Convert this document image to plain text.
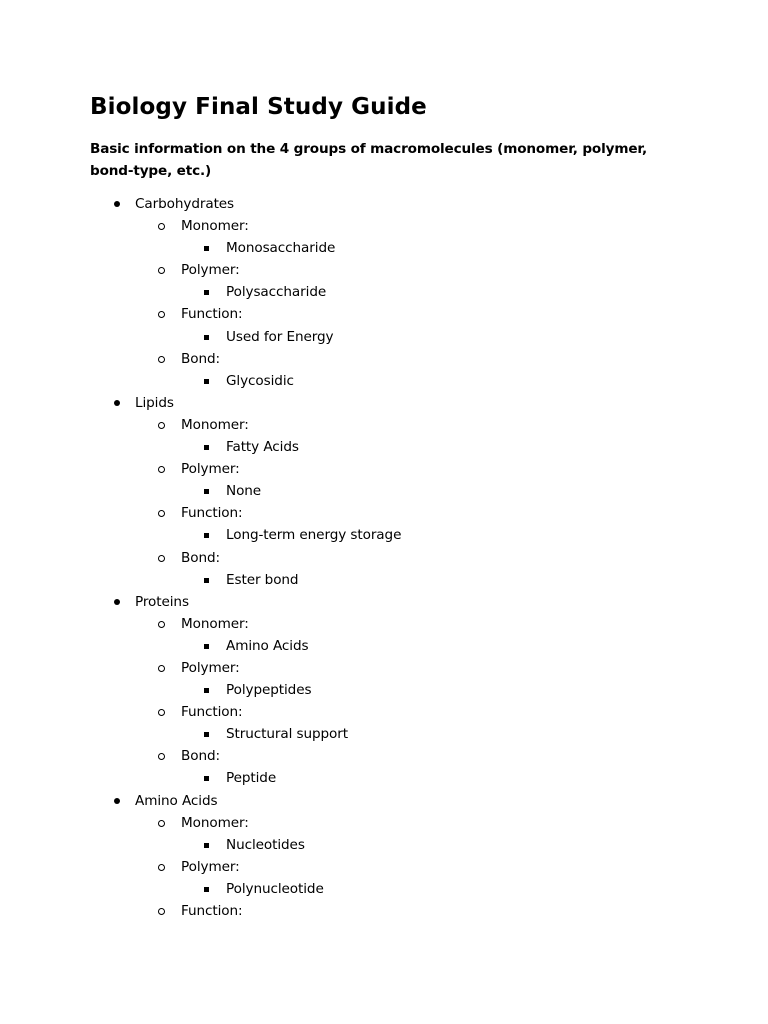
Biology Final Study Guide

Basic information on the 4 groups of macromolecules (monomer, polymer, bond-type, etc.)

Carbohydrates
Monomer:
Monosaccharide
Polymer:
Polysaccharide
Function:
Used for Energy
Bond:
Glycosidic
Lipids
Monomer:
Fatty Acids
Polymer:
None
Function:
Long-term energy storage
Bond:
Ester bond
Proteins
Monomer:
Amino Acids
Polymer:
Polypeptides
Function:
Structural support
Bond:
Peptide
Amino Acids
Monomer:
Nucleotides
Polymer:
Polynucleotide
Function:
